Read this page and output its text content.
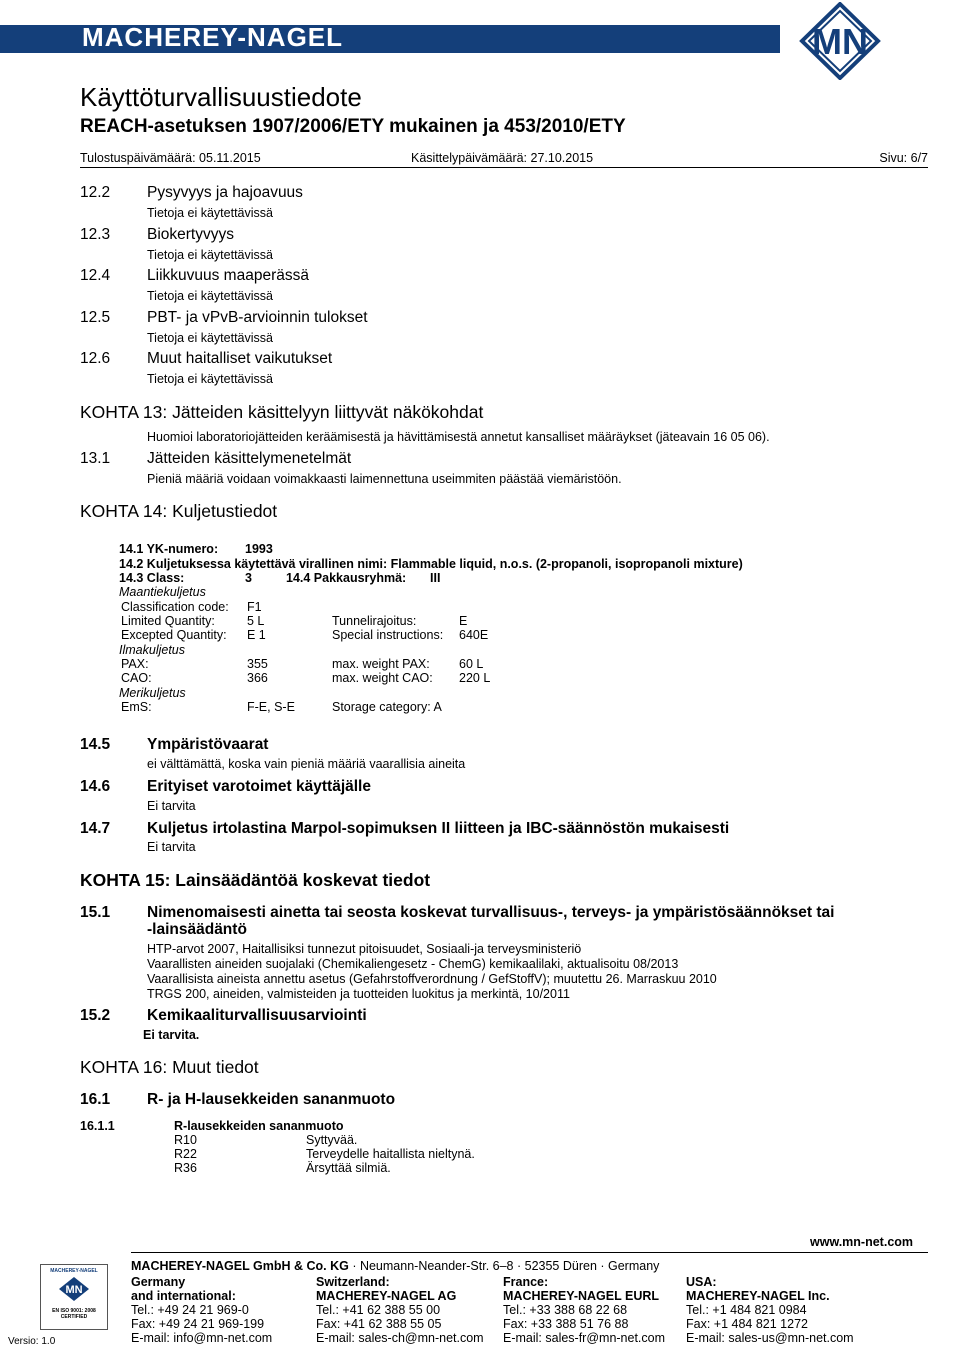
MACHEREY-NAGEL	MN
Käyttöturvallisuustiedote
REACH-asetuksen 1907/2006/ETY mukainen ja 453/2010/ETY
Tulostuspäivämäärä: 05.11.2015	Käsittelypäivämäärä: 27.10.2015	Sivu: 6/7
12.2 Pysyvyys ja hajoavuus
Tietoja ei käytettävissä
12.3 Biokertyvyys
Tietoja ei käytettävissä
12.4 Liikkuvuus maaperässä
Tietoja ei käytettävissä
12.5 PBT- ja vPvB-arvioinnin tulokset
Tietoja ei käytettävissä
12.6 Muut haitalliset vaikutukset
Tietoja ei käytettävissä
KOHTA 13: Jätteiden käsittelyyn liittyvät näkökohdat
Huomioi laboratoriojätteiden keräämisestä ja hävittämisestä annetut kansalliset määräykset (jäteavain 16 05 06).
13.1 Jätteiden käsittelymenetelmät
Pieniä määriä voidaan voimakkaasti laimennettuna useimmiten päästää viemäristöön.
KOHTA 14: Kuljetustiedot
14.1 YK-numero: 1993
14.2 Kuljetuksessa käytettävä virallinen nimi: Flammable liquid, n.o.s. (2-propanoli, isopropanoli mixture)
14.3 Class:	3	14.4 Pakkausryhmä: III
Maantiekuljetus
Classification code: F1
Limited Quantity:	5 L	Tunnelirajoitus:	E
Excepted Quantity: E 1	Special instructions: 640E
Ilmakuljetus
PAX:	355	max. weight PAX: 60 L
CAO:	366	max. weight CAO: 220 L
Merikuljetus
EmS:	F-E, S-E	Storage category: A
14.5 Ympäristövaarat
ei välttämättä, koska vain pieniä määriä vaarallisia aineita
14.6 Erityiset varotoimet käyttäjälle
Ei tarvita
14.7 Kuljetus irtolastina Marpol-sopimuksen II liitteen ja IBC-säännöstön mukaisesti
Ei tarvita
KOHTA 15: Lainsäädäntöä koskevat tiedot
15.1 Nimenomaisesti ainetta tai seosta koskevat turvallisuus-, terveys- ja ympäristösäännökset tai
-lainsäädäntö
HTP-arvot 2007, Haitallisiksi tunnezut pitoisuudet, Sosiaali-ja terveysministeriö
Vaarallisten aineiden suojalaki (Chemikaliengesetz - ChemG) kemikaalilaki, aktualisoitu 08/2013
Vaarallisista aineista annettu asetus (Gefahrstoffverordnung / GefStoffV); muutettu 26. Marraskuu 2010
TRGS 200, aineiden, valmisteiden ja tuotteiden luokitus ja merkintä, 10/2011
15.2 Kemikaaliturvallisuusarviointi
Ei tarvita.
KOHTA 16: Muut tiedot
16.1 R- ja H-lausekkeiden sananmuoto
16.1.1	R-lausekkeiden sananmuoto
R10	Syttyvää.
R22	Terveydelle haitallista nieltynä.
R36	Ärsyttää silmiä.
www.mn-net.com
MACHEREY-NAGEL GmbH & Co. KG · Neumann-Neander-Str. 6–8 · 52355 Düren · Germany
MACHEREY-NAGEL
MN
EN ISO 9001: 2008
CERTIFIED
Versio: 1.0
Germany
and international:
Tel.: +49 24 21 969-0
Fax: +49 24 21 969-199
E-mail: info@mn-net.com
Switzerland:
MACHEREY-NAGEL AG
Tel.: +41 62 388 55 00
Fax: +41 62 388 55 05
E-mail: sales-ch@mn-net.com
France:
MACHEREY-NAGEL EURL
Tel.: +33 388 68 22 68
Fax: +33 388 51 76 88
E-mail: sales-fr@mn-net.com
USA:
MACHEREY-NAGEL Inc.
Tel.: +1 484 821 0984
Fax: +1 484 821 1272
E-mail: sales-us@mn-net.com
